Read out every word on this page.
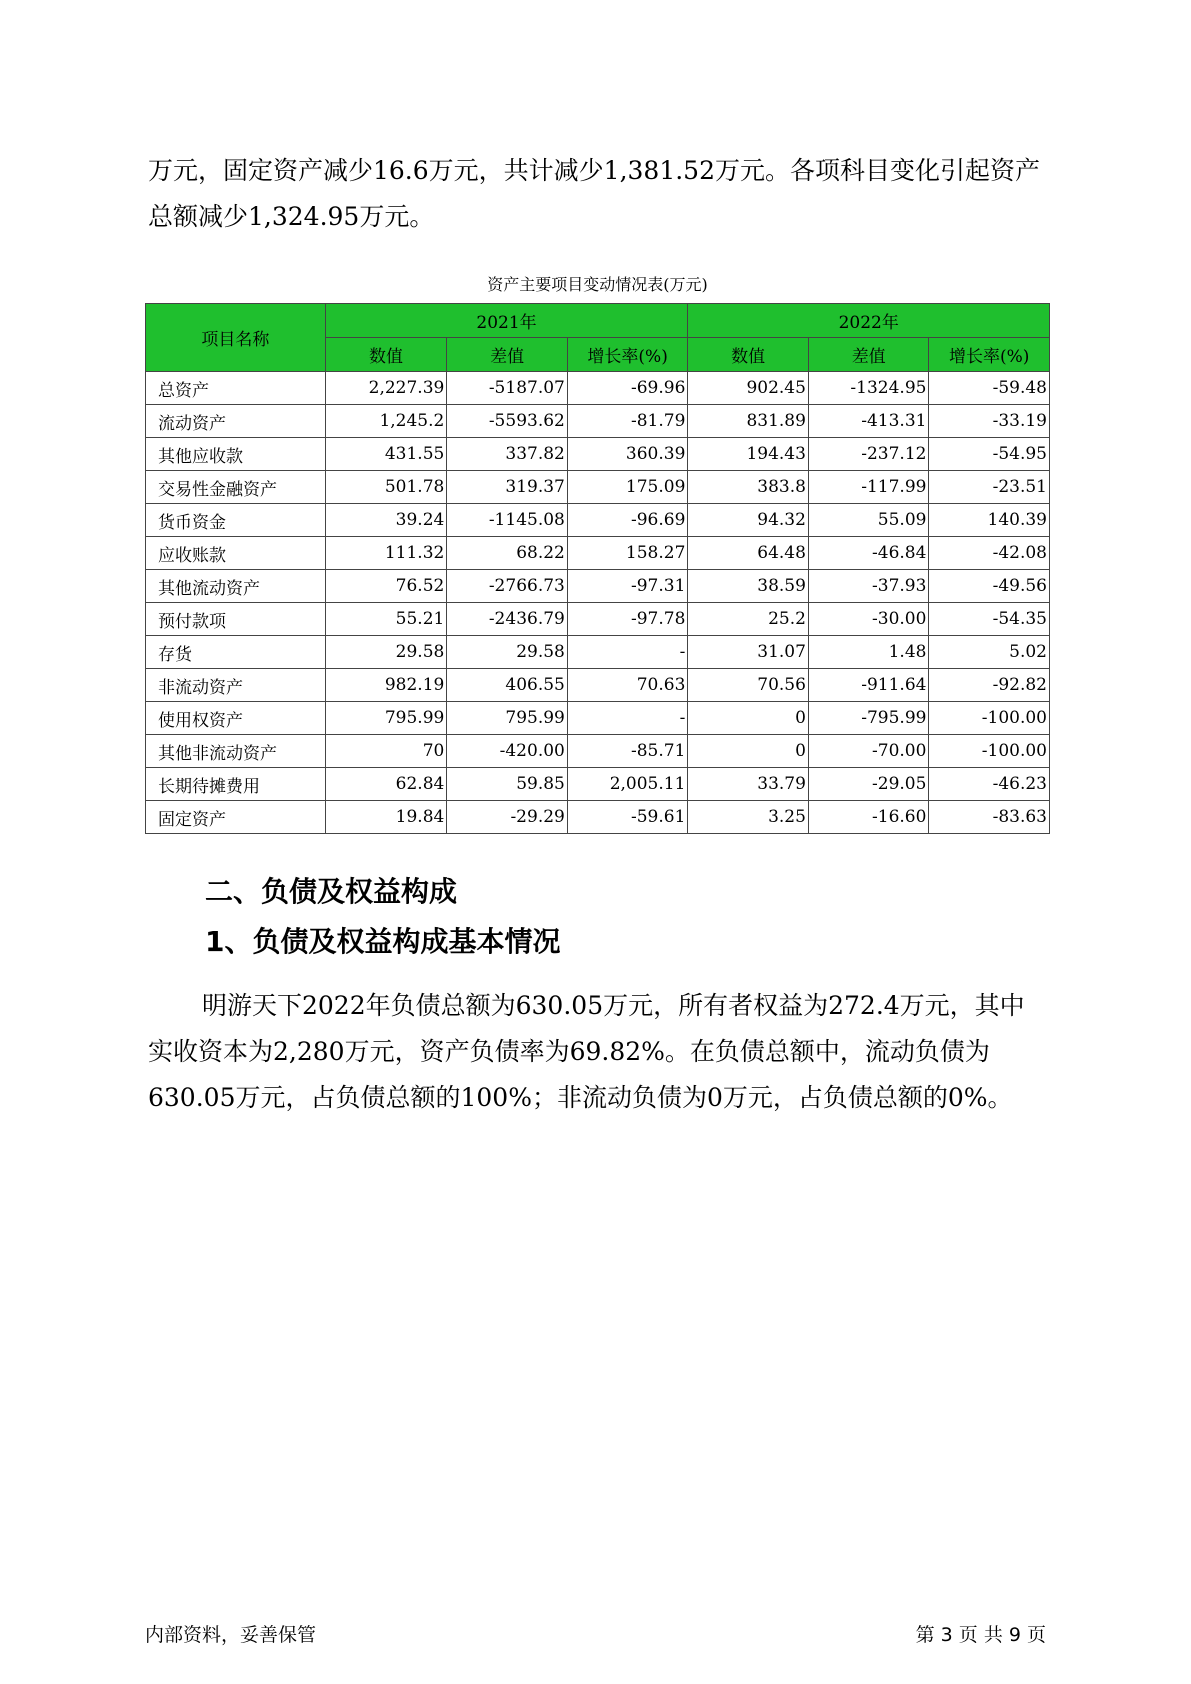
万元，固定资产减少16.6万元，共计减少1,381.52万元。各项科目变化引起资产总额减少1,324.95万元。

资产主要项目变动情况表(万元)
项目名称	2021年			2022年		
	数值	差值	增长率(%)	数值	差值	增长率(%)
总资产	2,227.39	-5187.07	-69.96	902.45	-1324.95	-59.48
流动资产	1,245.2	-5593.62	-81.79	831.89	-413.31	-33.19
其他应收款	431.55	337.82	360.39	194.43	-237.12	-54.95
交易性金融资产	501.78	319.37	175.09	383.8	-117.99	-23.51
货币资金	39.24	-1145.08	-96.69	94.32	55.09	140.39
应收账款	111.32	68.22	158.27	64.48	-46.84	-42.08
其他流动资产	76.52	-2766.73	-97.31	38.59	-37.93	-49.56
预付款项	55.21	-2436.79	-97.78	25.2	-30.00	-54.35
存货	29.58	29.58	-	31.07	1.48	5.02
非流动资产	982.19	406.55	70.63	70.56	-911.64	-92.82
使用权资产	795.99	795.99	-	0	-795.99	-100.00
其他非流动资产	70	-420.00	-85.71	0	-70.00	-100.00
长期待摊费用	62.84	59.85	2,005.11	33.79	-29.05	-46.23
固定资产	19.84	-29.29	-59.61	3.25	-16.60	-83.63
二、负债及权益构成
1、负债及权益构成基本情况

明游天下2022年负债总额为630.05万元，所有者权益为272.4万元，其中实收资本为2,280万元，资产负债率为69.82%。在负债总额中，流动负债为630.05万元，占负债总额的100%；非流动负债为0万元，占负债总额的0%。

内部资料，妥善保管	第 3 页 共 9 页
